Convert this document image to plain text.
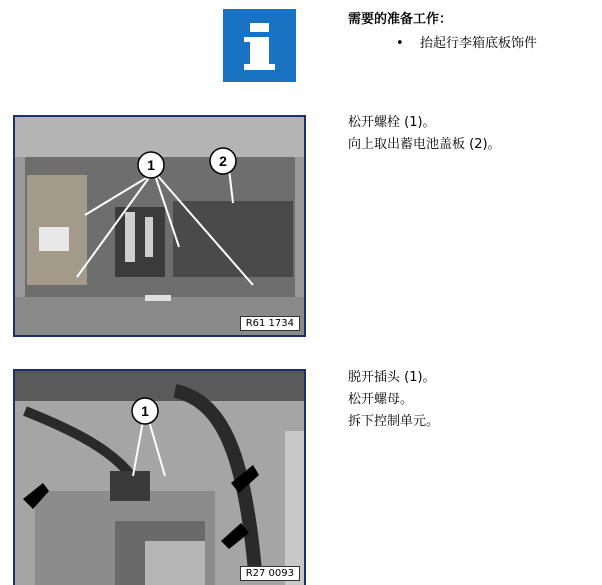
需要的准备工作：
• 抬起行李箱底板饰件
1	2
R61 1734
松开螺栓 (1)。
向上取出蓄电池盖板 (2)。
1
R27 0093
脱开插头 (1)。
松开螺母。
拆下控制单元。
